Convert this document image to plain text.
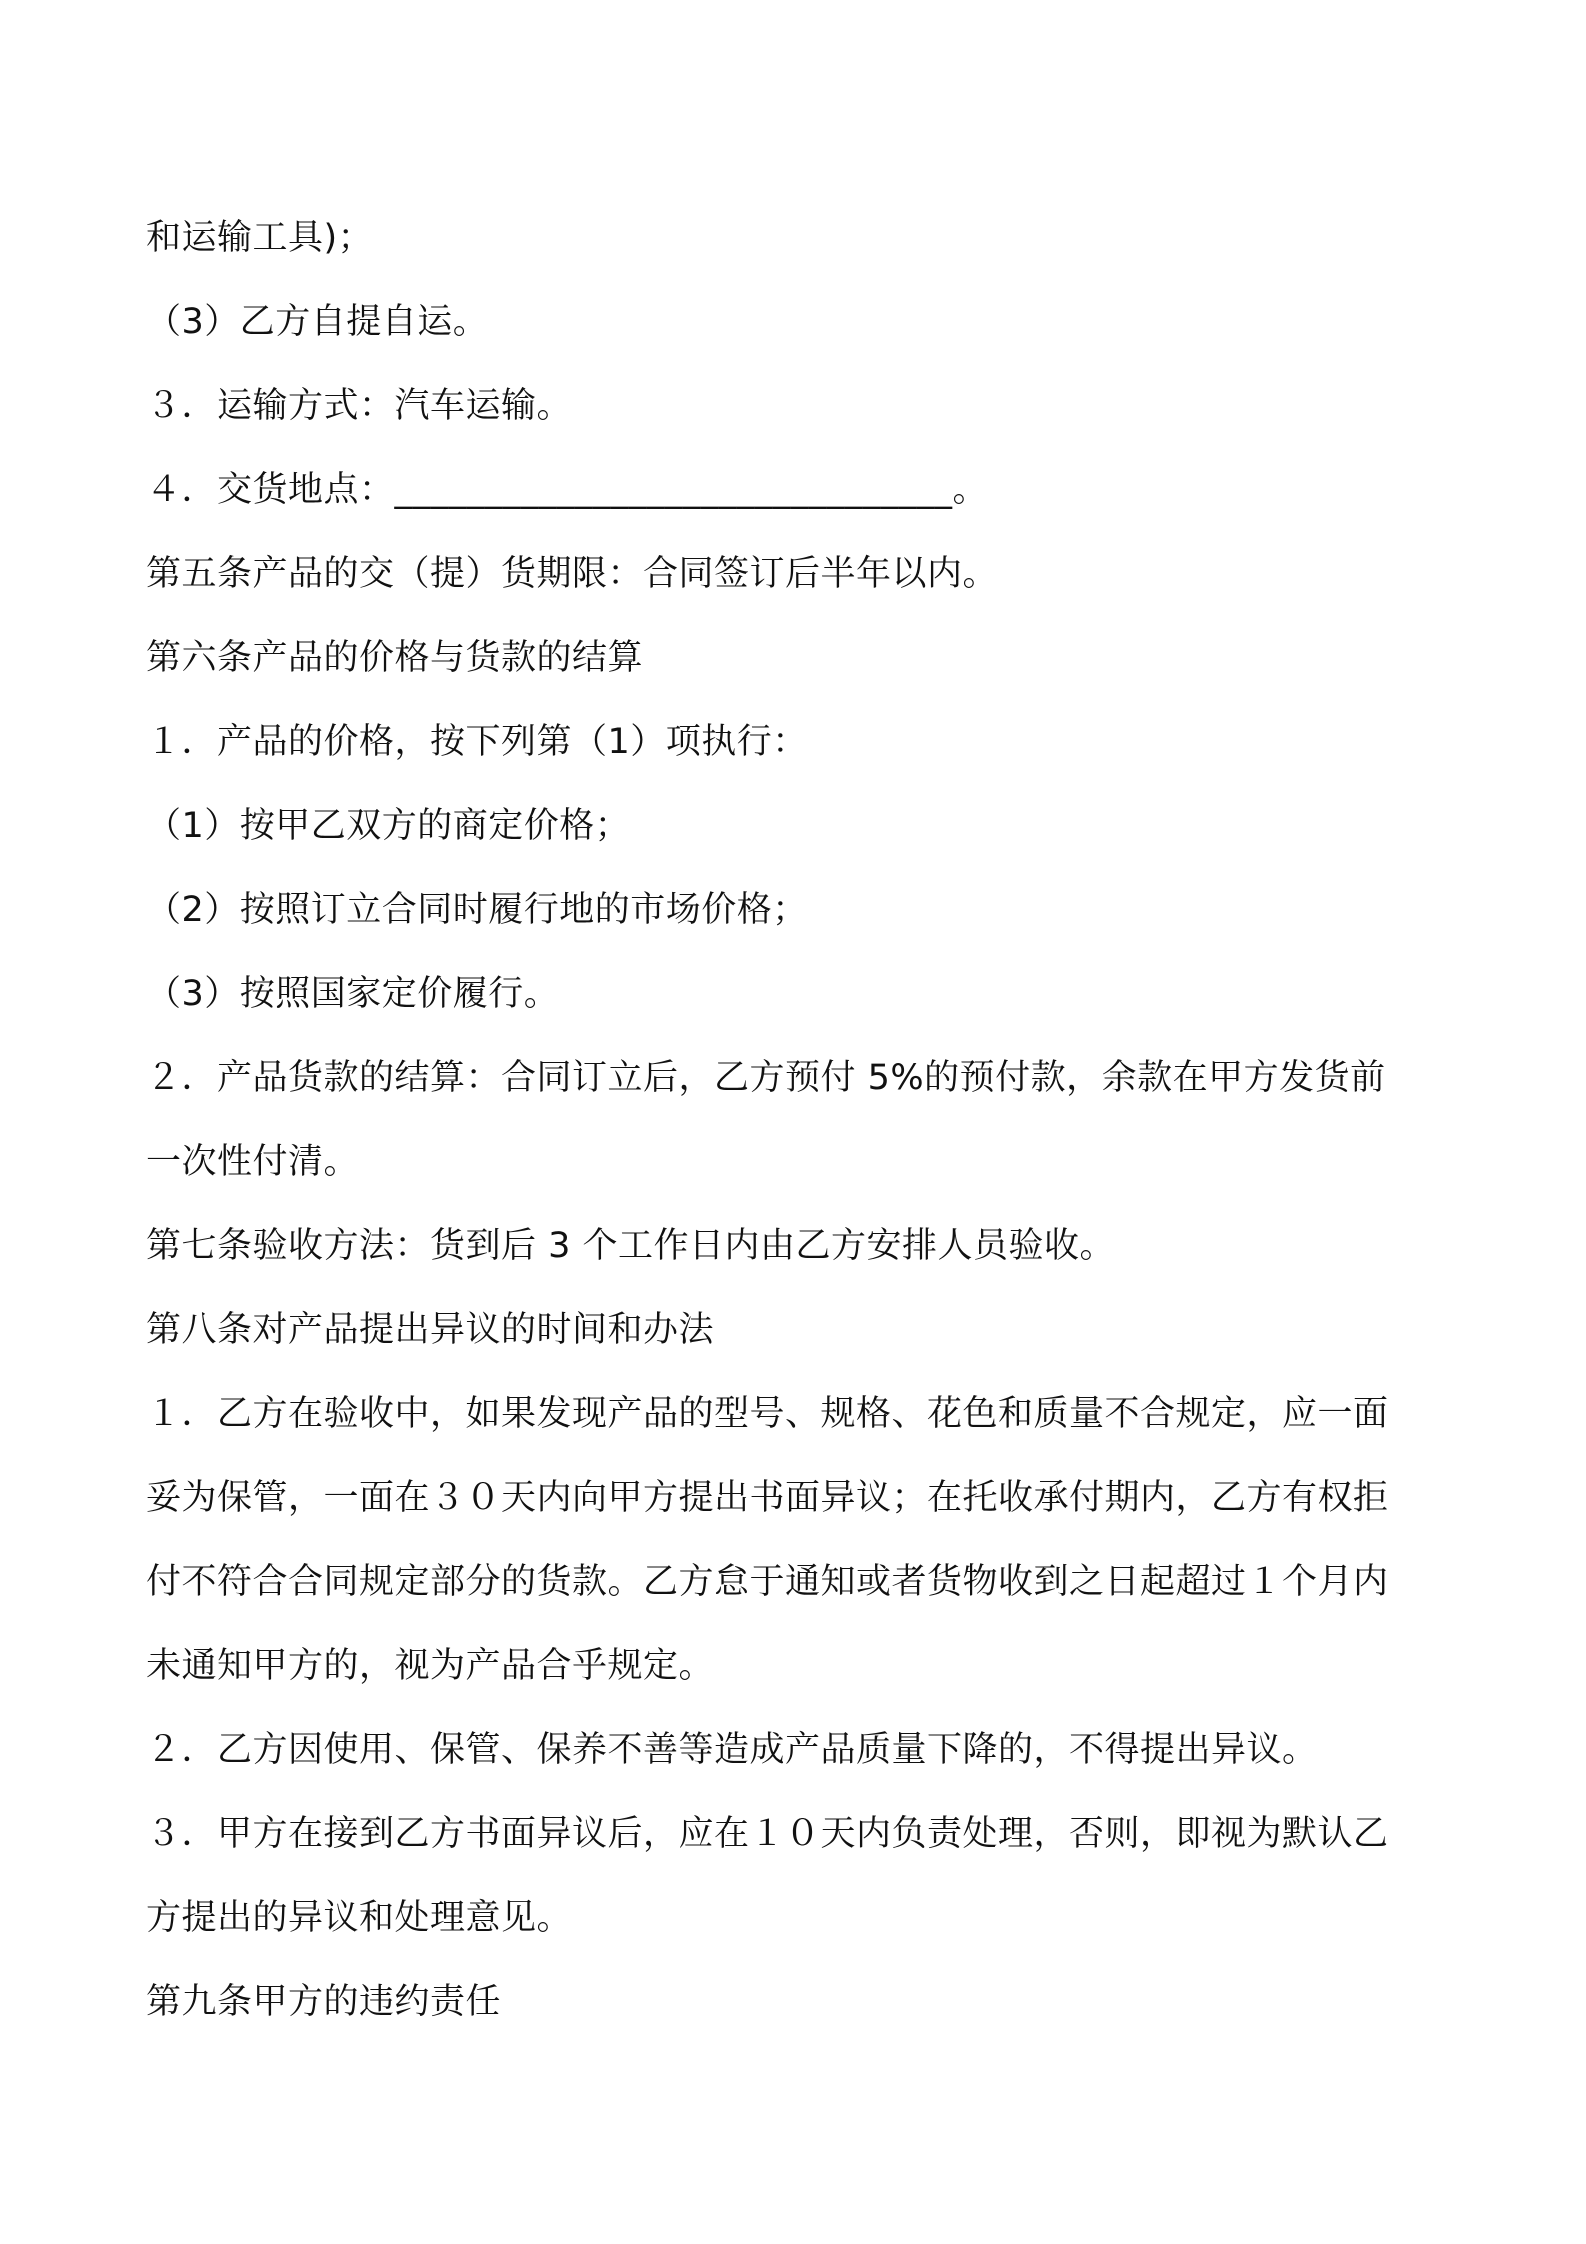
和运输工具)；
（3）乙方自提自运。
３．运输方式：汽车运输。
４．交货地点：_______________________________。
第五条产品的交（提）货期限：合同签订后半年以内。
第六条产品的价格与货款的结算
１．产品的价格，按下列第（1）项执行：
（1）按甲乙双方的商定价格；
（2）按照订立合同时履行地的市场价格；
（3）按照国家定价履行。
２．产品货款的结算：合同订立后，乙方预付 5%的预付款，余款在甲方发货前
一次性付清。
第七条验收方法：货到后 3 个工作日内由乙方安排人员验收。
第八条对产品提出异议的时间和办法
１．乙方在验收中，如果发现产品的型号、规格、花色和质量不合规定，应一面
妥为保管，一面在３０天内向甲方提出书面异议；在托收承付期内，乙方有权拒
付不符合合同规定部分的货款。乙方怠于通知或者货物收到之日起超过１个月内
未通知甲方的，视为产品合乎规定。
２．乙方因使用、保管、保养不善等造成产品质量下降的，不得提出异议。
３．甲方在接到乙方书面异议后，应在１０天内负责处理，否则，即视为默认乙
方提出的异议和处理意见。
第九条甲方的违约责任
